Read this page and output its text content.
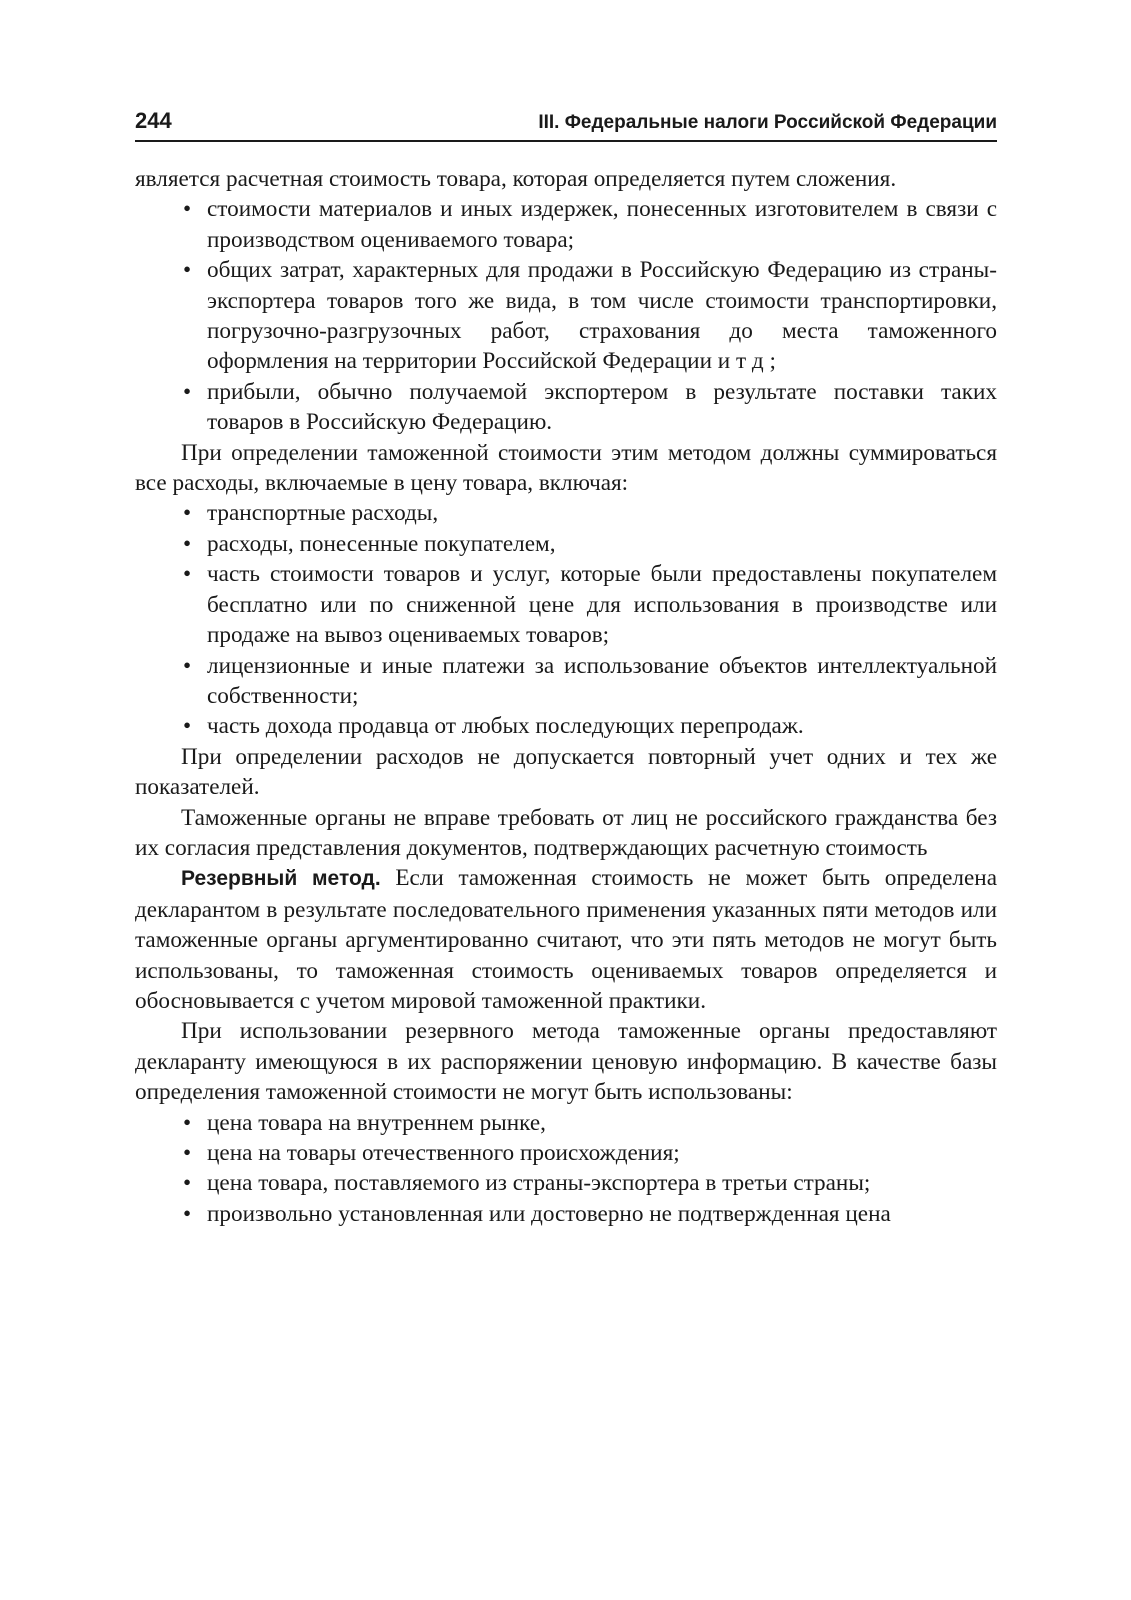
244	III. Федеральные налоги Российской Федерации

является расчетная стоимость товара, которая определяется путем сложения.

• стоимости материалов и иных издержек, понесенных изготовителем в связи с производством оцениваемого товара;
• общих затрат, характерных для продажи в Российскую Федерацию из страны-экспортера товаров того же вида, в том числе стоимости транспортировки, погрузочно-разгрузочных работ, страхования до места таможенного оформления на территории Российской Федерации и т д ;
• прибыли, обычно получаемой экспортером в результате поставки таких товаров в Российскую Федерацию.

При определении таможенной стоимости этим методом должны суммироваться все расходы, включаемые в цену товара, включая:

• транспортные расходы,
• расходы, понесенные покупателем,
• часть стоимости товаров и услуг, которые были предоставлены покупателем бесплатно или по сниженной цене для использования в производстве или продаже на вывоз оцениваемых товаров;
• лицензионные и иные платежи за использование объектов интеллектуальной собственности;
• часть дохода продавца от любых последующих перепродаж.

При определении расходов не допускается повторный учет одних и тех же показателей.

Таможенные органы не вправе требовать от лиц не российского гражданства без их согласия представления документов, подтверждающих расчетную стоимость

Резервный метод. Если таможенная стоимость не может быть определена декларантом в результате последовательного применения указанных пяти методов или таможенные органы аргументированно считают, что эти пять методов не могут быть использованы, то таможенная стоимость оцениваемых товаров определяется и обосновывается с учетом мировой таможенной практики.

При использовании резервного метода таможенные органы предоставляют декларанту имеющуюся в их распоряжении ценовую информацию. В качестве базы определения таможенной стоимости не могут быть использованы:

• цена товара на внутреннем рынке,
• цена на товары отечественного происхождения;
• цена товара, поставляемого из страны-экспортера в третьи страны;
• произвольно установленная или достоверно не подтвержденная цена
